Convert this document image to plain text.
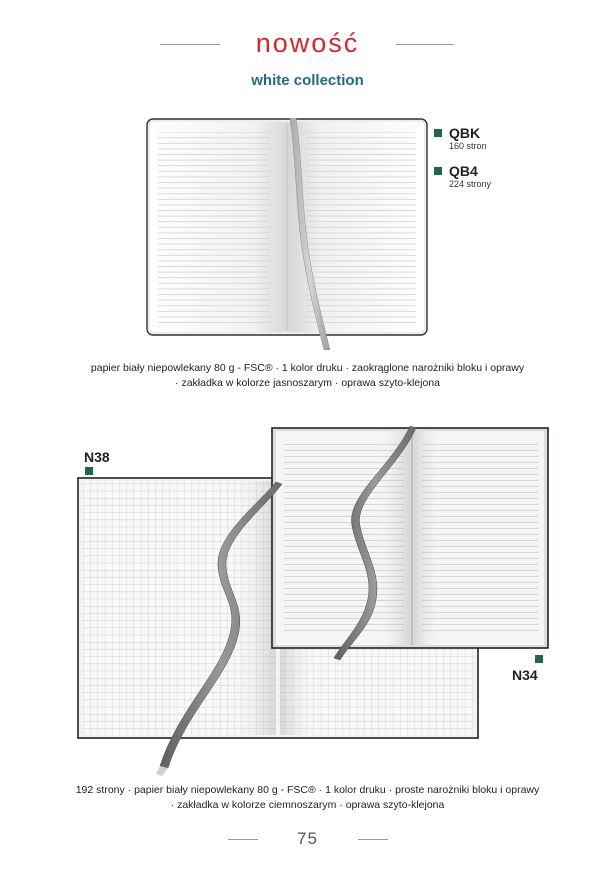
nowość
white collection
QBK
160 stron
QB4
224 strony
papier biały niepowlekany 80 g - FSC® · 1 kolor druku · zaokrąglone narożniki bloku i oprawy
· zakładka w kolorze jasnoszarym · oprawa szyto-klejona
N38
N34
192 strony · papier biały niepowlekany 80 g - FSC® · 1 kolor druku · proste narożniki bloku i oprawy
· zakładka w kolorze ciemnoszarym · oprawa szyto-klejona
75
